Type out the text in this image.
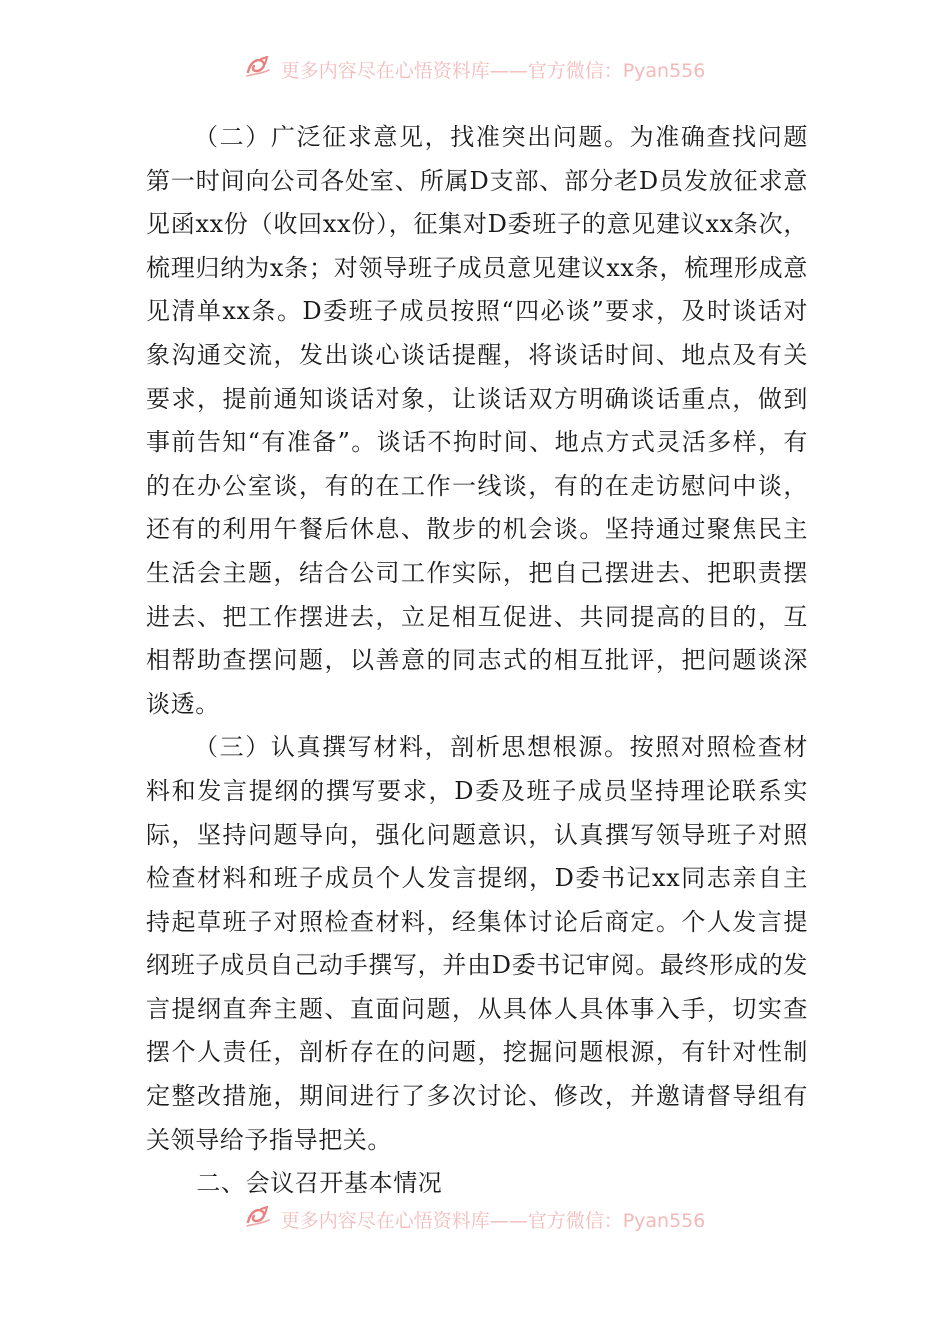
更多内容尽在心悟资料库——官方微信：Pyan556

（二）广泛征求意见，找准突出问题。为准确查找问题第一时间向公司各处室、所属D支部、部分老D员发放征求意见函xx份（收回xx份），征集对D委班子的意见建议xx条次，梳理归纳为x条；对领导班子成员意见建议xx条，梳理形成意见清单xx条。D委班子成员按照“四必谈”要求，及时谈话对象沟通交流，发出谈心谈话提醒，将谈话时间、地点及有关要求，提前通知谈话对象，让谈话双方明确谈话重点，做到事前告知“有准备”。谈话不拘时间、地点方式灵活多样，有的在办公室谈，有的在工作一线谈，有的在走访慰问中谈，还有的利用午餐后休息、散步的机会谈。坚持通过聚焦民主生活会主题，结合公司工作实际，把自己摆进去、把职责摆进去、把工作摆进去，立足相互促进、共同提高的目的，互相帮助查摆问题，以善意的同志式的相互批评，把问题谈深谈透。

（三）认真撰写材料，剖析思想根源。按照对照检查材料和发言提纲的撰写要求，D委及班子成员坚持理论联系实际，坚持问题导向，强化问题意识，认真撰写领导班子对照检查材料和班子成员个人发言提纲，D委书记xx同志亲自主持起草班子对照检查材料，经集体讨论后商定。个人发言提纲班子成员自己动手撰写，并由D委书记审阅。最终形成的发言提纲直奔主题、直面问题，从具体人具体事入手，切实查摆个人责任，剖析存在的问题，挖掘问题根源，有针对性制定整改措施，期间进行了多次讨论、修改，并邀请督导组有关领导给予指导把关。

二、会议召开基本情况

更多内容尽在心悟资料库——官方微信：Pyan556
